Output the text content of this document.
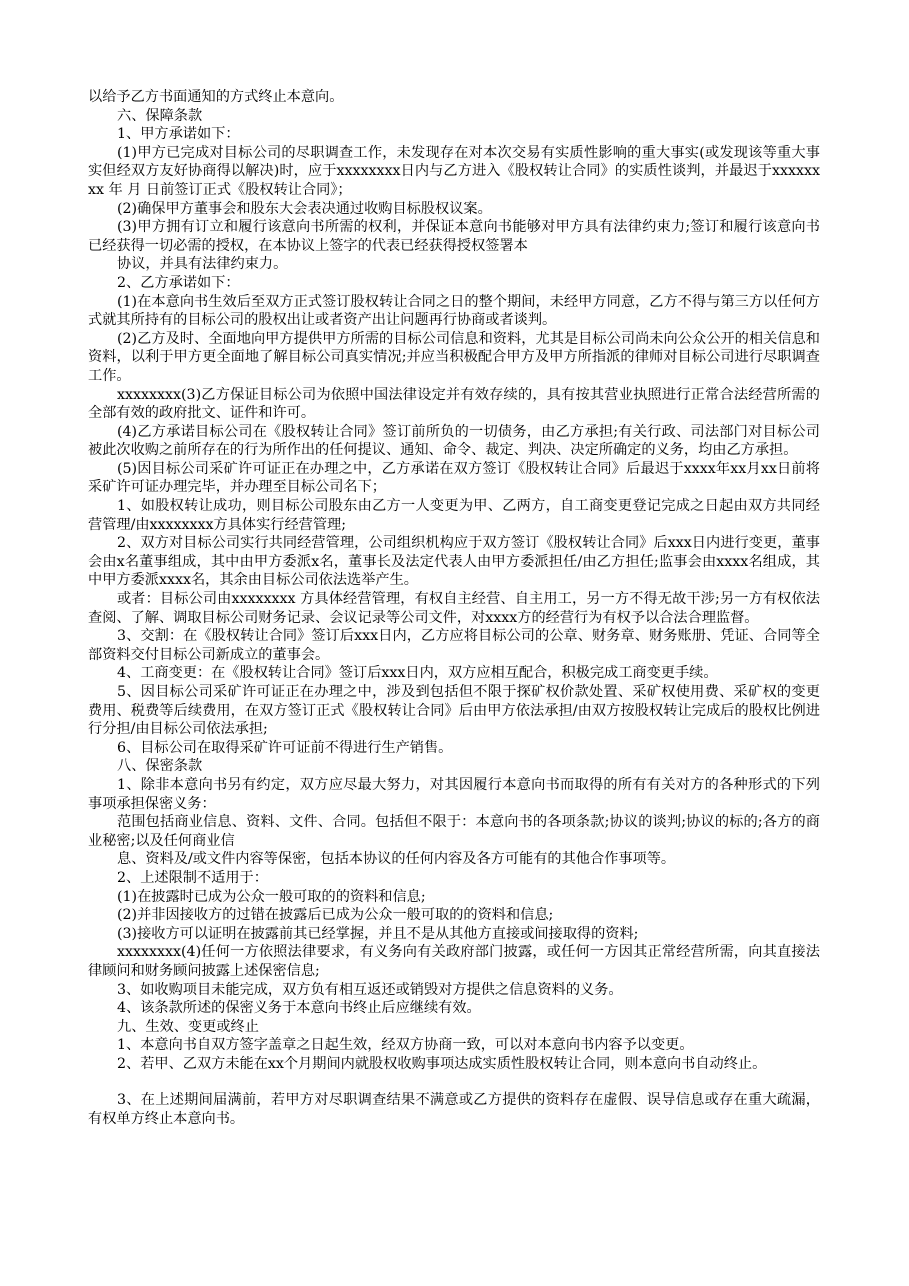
以给予乙方书面通知的方式终止本意向。

六、保障条款

1、甲方承诺如下：

(1)甲方已完成对目标公司的尽职调查工作，未发现存在对本次交易有实质性影响的重大事实(或发现该等重大事实但经双方友好协商得以解决)时，应于xxxxxxxx日内与乙方进入《股权转让合同》的实质性谈判，并最迟于xxxxxxxx 年 月 日前签订正式《股权转让合同》；

(2)确保甲方董事会和股东大会表决通过收购目标股权议案。

(3)甲方拥有订立和履行该意向书所需的权利，并保证本意向书能够对甲方具有法律约束力;签订和履行该意向书已经获得一切必需的授权，在本协议上签字的代表已经获得授权签署本

协议，并具有法律约束力。

2、乙方承诺如下：

(1)在本意向书生效后至双方正式签订股权转让合同之日的整个期间，未经甲方同意，乙方不得与第三方以任何方式就其所持有的目标公司的股权出让或者资产出让问题再行协商或者谈判。

(2)乙方及时、全面地向甲方提供甲方所需的目标公司信息和资料，尤其是目标公司尚未向公众公开的相关信息和资料，以利于甲方更全面地了解目标公司真实情况;并应当积极配合甲方及甲方所指派的律师对目标公司进行尽职调查工作。

xxxxxxxx(3)乙方保证目标公司为依照中国法律设定并有效存续的，具有按其营业执照进行正常合法经营所需的全部有效的政府批文、证件和许可。

(4)乙方承诺目标公司在《股权转让合同》签订前所负的一切债务，由乙方承担;有关行政、司法部门对目标公司被此次收购之前所存在的行为所作出的任何提议、通知、命令、裁定、判决、决定所确定的义务，均由乙方承担。

(5)因目标公司采矿许可证正在办理之中，乙方承诺在双方签订《股权转让合同》后最迟于xxxx年xx月xx日前将采矿许可证办理完毕，并办理至目标公司名下；

1、如股权转让成功，则目标公司股东由乙方一人变更为甲、乙两方，自工商变更登记完成之日起由双方共同经营管理/由xxxxxxxx方具体实行经营管理;

2、双方对目标公司实行共同经营管理，公司组织机构应于双方签订《股权转让合同》后xxx日内进行变更，董事会由x名董事组成，其中由甲方委派x名，董事长及法定代表人由甲方委派担任/由乙方担任;监事会由xxxx名组成，其中甲方委派xxxx名，其余由目标公司依法选举产生。

或者：目标公司由xxxxxxxx 方具体经营管理，有权自主经营、自主用工，另一方不得无故干涉;另一方有权依法查阅、了解、调取目标公司财务记录、会议记录等公司文件，对xxxx方的经营行为有权予以合法合理监督。

3、交割：在《股权转让合同》签订后xxx日内，乙方应将目标公司的公章、财务章、财务账册、凭证、合同等全部资料交付目标公司新成立的董事会。

4、工商变更：在《股权转让合同》签订后xxx日内，双方应相互配合，积极完成工商变更手续。

5、因目标公司采矿许可证正在办理之中，涉及到包括但不限于探矿权价款处置、采矿权使用费、采矿权的变更费用、税费等后续费用，在双方签订正式《股权转让合同》后由甲方依法承担/由双方按股权转让完成后的股权比例进行分担/由目标公司依法承担;

6、目标公司在取得采矿许可证前不得进行生产销售。

八、保密条款

1、除非本意向书另有约定，双方应尽最大努力，对其因履行本意向书而取得的所有有关对方的各种形式的下列事项承担保密义务：

范围包括商业信息、资料、文件、合同。包括但不限于：本意向书的各项条款;协议的谈判;协议的标的;各方的商业秘密;以及任何商业信

息、资料及/或文件内容等保密，包括本协议的任何内容及各方可能有的其他合作事项等。

2、上述限制不适用于：

(1)在披露时已成为公众一般可取的的资料和信息;

(2)并非因接收方的过错在披露后已成为公众一般可取的的资料和信息;

(3)接收方可以证明在披露前其已经掌握，并且不是从其他方直接或间接取得的资料;

xxxxxxxx(4)任何一方依照法律要求，有义务向有关政府部门披露，或任何一方因其正常经营所需，向其直接法律顾问和财务顾问披露上述保密信息;

3、如收购项目未能完成，双方负有相互返还或销毁对方提供之信息资料的义务。

4、该条款所述的保密义务于本意向书终止后应继续有效。

九、生效、变更或终止

1、本意向书自双方签字盖章之日起生效，经双方协商一致，可以对本意向书内容予以变更。

2、若甲、乙双方未能在xx个月期间内就股权收购事项达成实质性股权转让合同，则本意向书自动终止。

3、在上述期间届满前，若甲方对尽职调查结果不满意或乙方提供的资料存在虚假、误导信息或存在重大疏漏，有权单方终止本意向书。
